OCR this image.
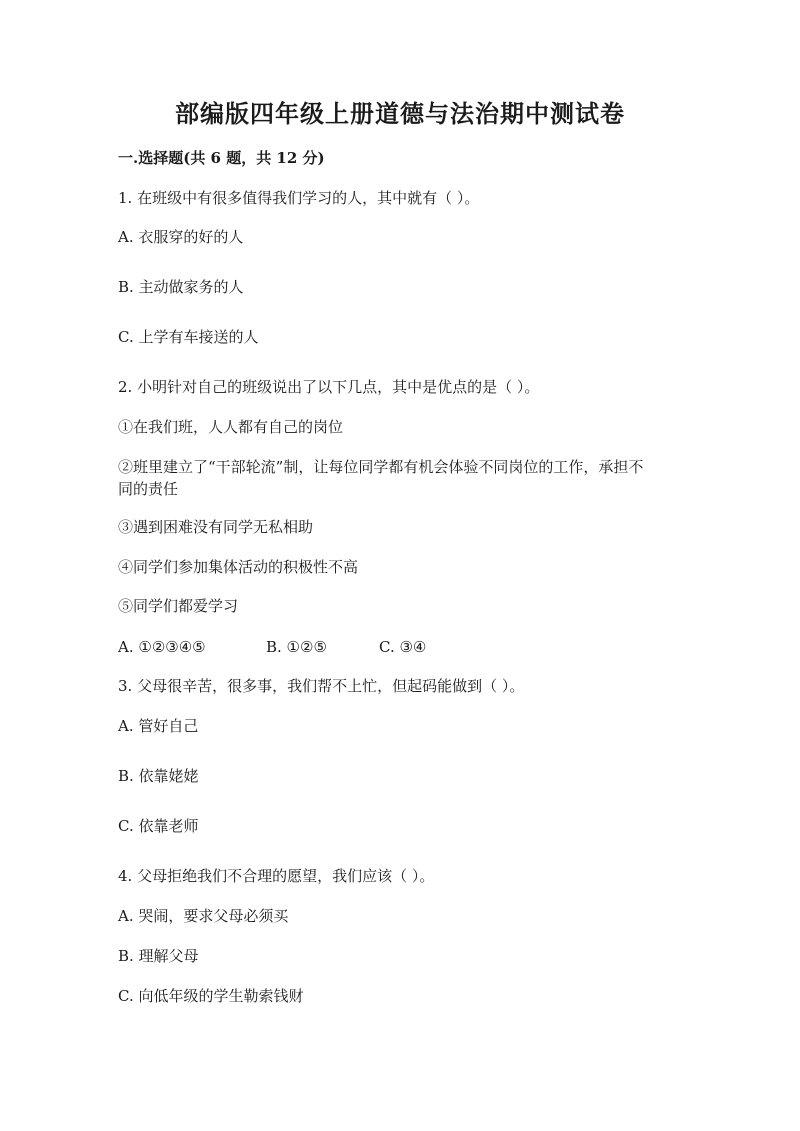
部编版四年级上册道德与法治期中测试卷
一.选择题(共 6 题，共 12 分)
1. 在班级中有很多值得我们学习的人，其中就有（ ）。
A. 衣服穿的好的人
B. 主动做家务的人
C. 上学有车接送的人
2. 小明针对自己的班级说出了以下几点，其中是优点的是（ ）。
①在我们班，人人都有自己的岗位
②班里建立了“干部轮流”制，让每位同学都有机会体验不同岗位的工作，承担不同的责任
③遇到困难没有同学无私相助
④同学们参加集体活动的积极性不高
⑤同学们都爱学习
A. ①②③④⑤	B. ①②⑤	C. ③④
3. 父母很辛苦，很多事，我们帮不上忙，但起码能做到（ ）。
A. 管好自己
B. 依靠姥姥
C. 依靠老师
4. 父母拒绝我们不合理的愿望，我们应该（ ）。
A. 哭闹，要求父母必须买
B. 理解父母
C. 向低年级的学生勒索钱财
